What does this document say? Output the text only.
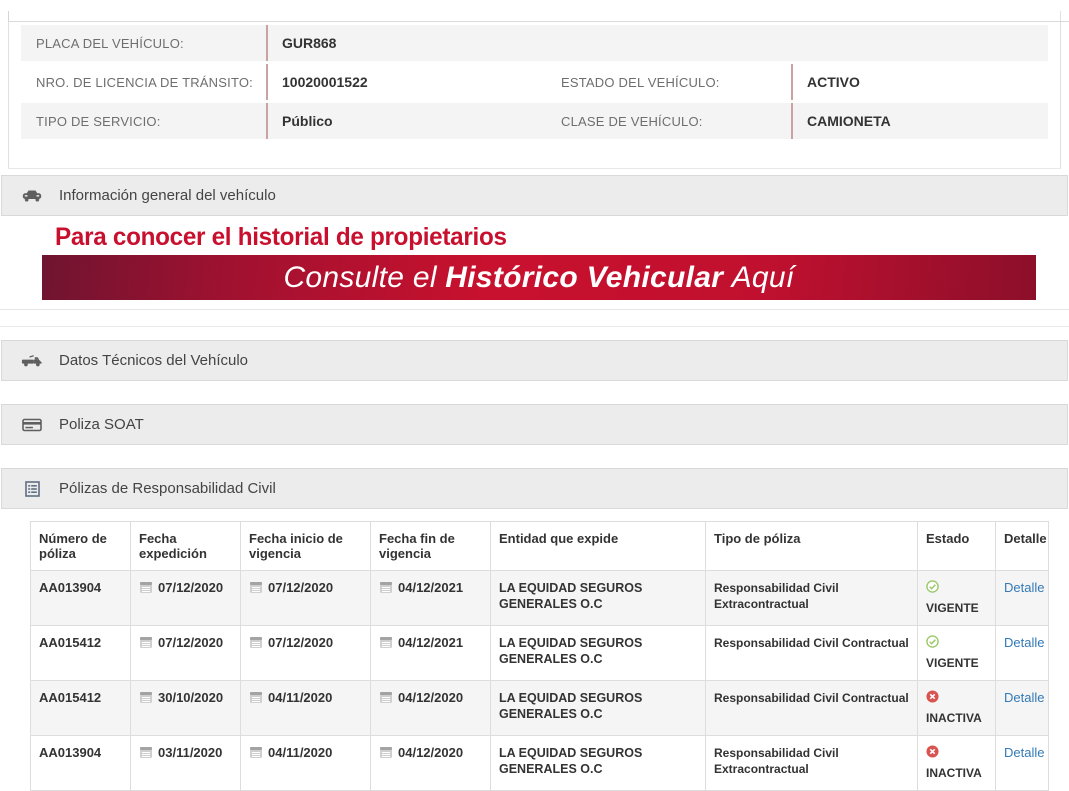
PLACA DEL VEHÍCULO:	GUR868
NRO. DE LICENCIA DE TRÁNSITO:	10020001522	ESTADO DEL VEHÍCULO:	ACTIVO
TIPO DE SERVICIO:	Público	CLASE DE VEHÍCULO:	CAMIONETA
Información general del vehículo
Para conocer el historial de propietarios
Consulte el Histórico Vehicular Aquí
Datos Técnicos del Vehículo
Poliza SOAT
Pólizas de Responsabilidad Civil
Número de póliza	Fecha expedición	Fecha inicio de vigencia	Fecha fin de vigencia	Entidad que expide	Tipo de póliza	Estado	Detalle
AA013904	07/12/2020	07/12/2020	04/12/2021	LA EQUIDAD SEGUROS GENERALES O.C	Responsabilidad Civil Extracontractual	VIGENTE	Detalle
AA015412	07/12/2020	07/12/2020	04/12/2021	LA EQUIDAD SEGUROS GENERALES O.C	Responsabilidad Civil Contractual	VIGENTE	Detalle
AA015412	30/10/2020	04/11/2020	04/12/2020	LA EQUIDAD SEGUROS GENERALES O.C	Responsabilidad Civil Contractual	INACTIVA	Detalle
AA013904	03/11/2020	04/11/2020	04/12/2020	LA EQUIDAD SEGUROS GENERALES O.C	Responsabilidad Civil Extracontractual	INACTIVA	Detalle
